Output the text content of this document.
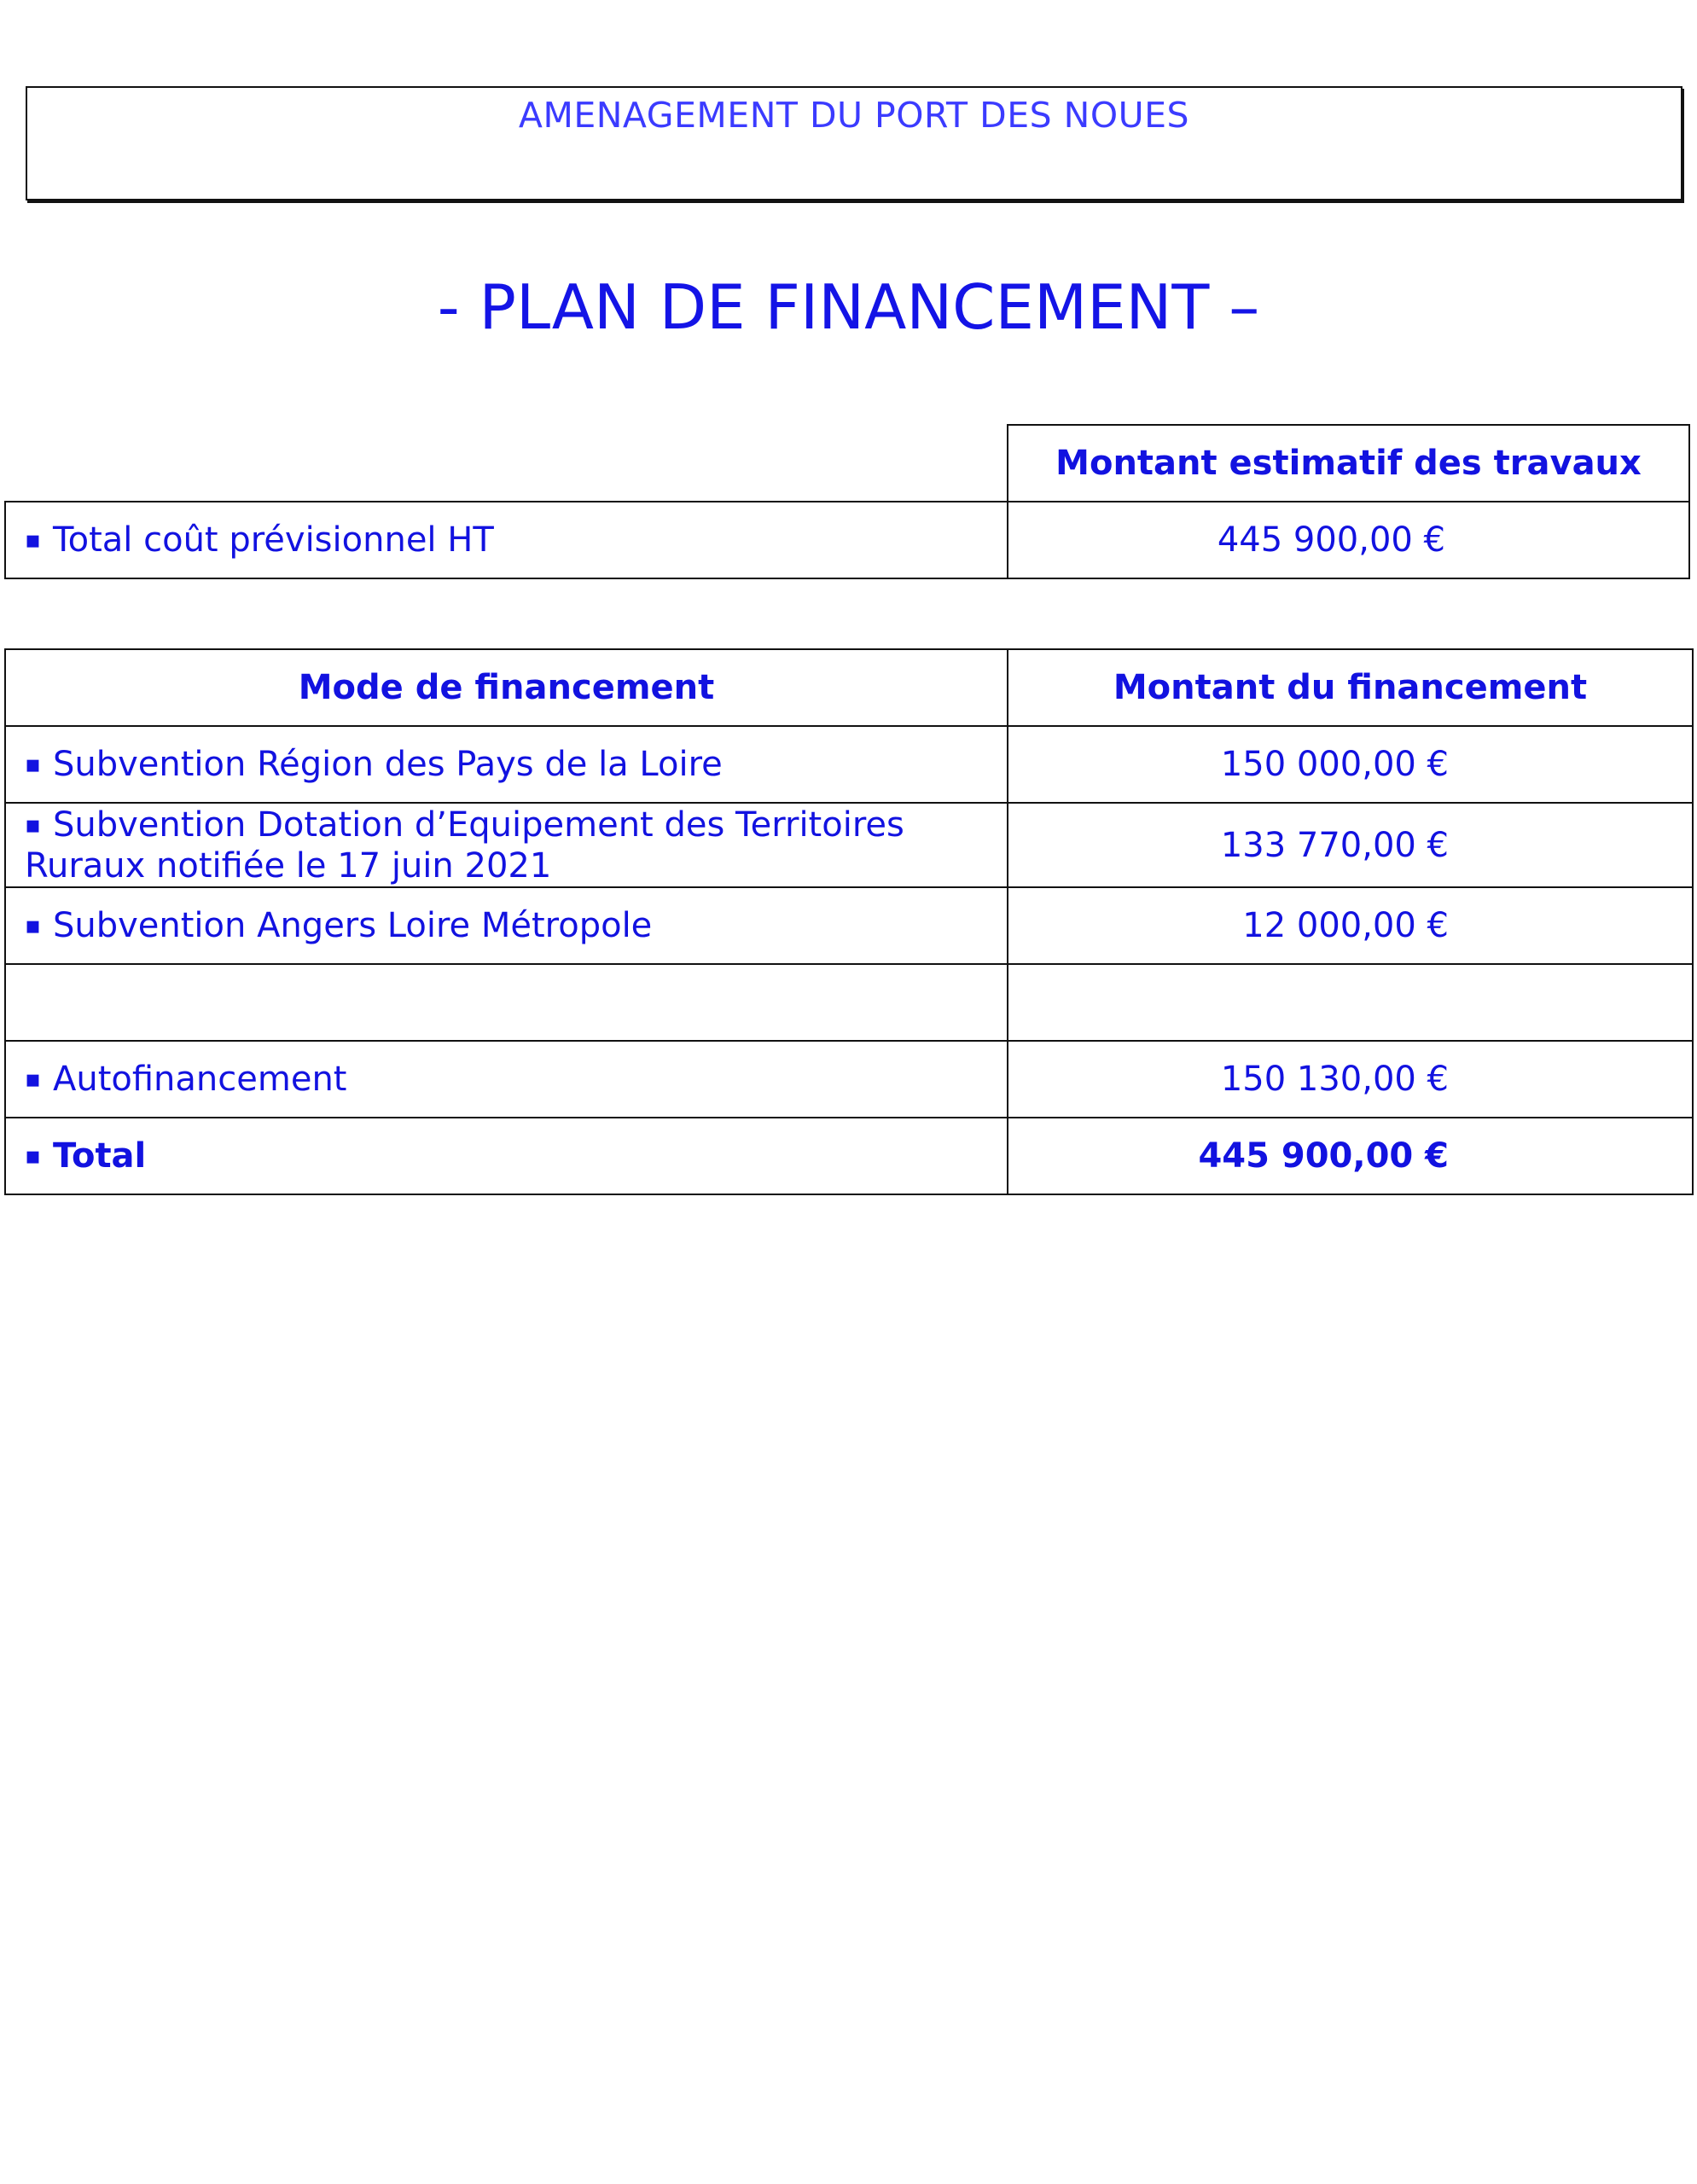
AMENAGEMENT DU PORT DES NOUES
- PLAN DE FINANCEMENT –
	Montant estimatif des travaux
▪ Total coût prévisionnel HT	445 900,00 €
Mode de financement	Montant du financement
▪ Subvention Région des Pays de la Loire	150 000,00 €
▪ Subvention Dotation d’Equipement des Territoires
Ruraux notifiée le 17 juin 2021	133 770,00 €
▪ Subvention Angers Loire Métropole	12 000,00 €

▪ Autofinancement	150 130,00 €
▪ Total	445 900,00 €
